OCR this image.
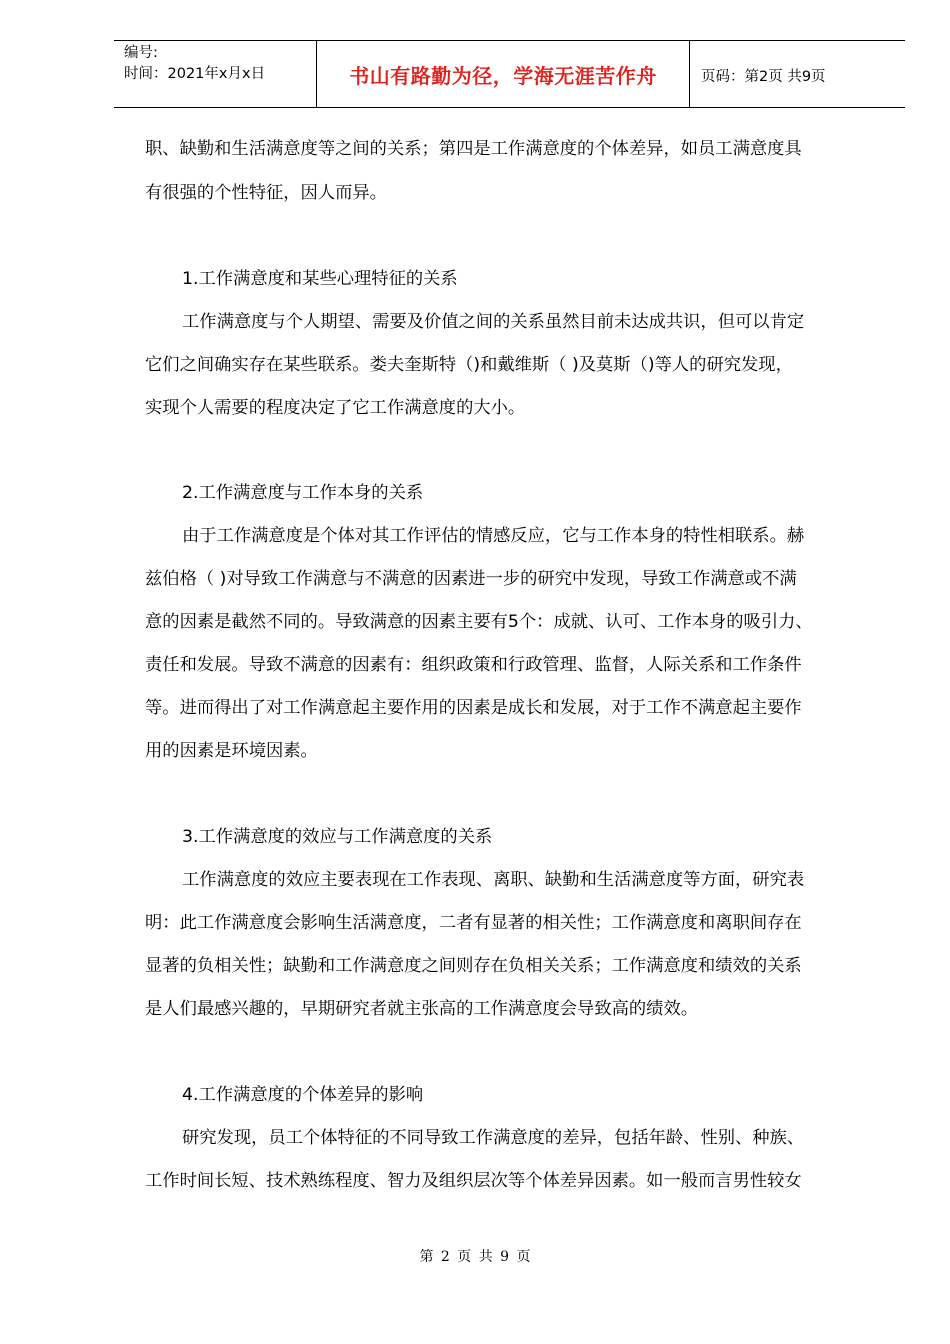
编号:
时间：2021年x月x日	书山有路勤为径，学海无涯苦作舟	页码：第2页 共9页
职、缺勤和生活满意度等之间的关系；第四是工作满意度的个体差异，如员工满意度具
有很强的个性特征，因人而异。
1.工作满意度和某些心理特征的关系
工作满意度与个人期望、需要及价值之间的关系虽然目前未达成共识，但可以肯定
它们之间确实存在某些联系。娄夫奎斯特（)和戴维斯（ )及莫斯（)等人的研究发现，
实现个人需要的程度决定了它工作满意度的大小。
2.工作满意度与工作本身的关系
由于工作满意度是个体对其工作评估的情感反应，它与工作本身的特性相联系。赫
兹伯格（ )对导致工作满意与不满意的因素进一步的研究中发现，导致工作满意或不满
意的因素是截然不同的。导致满意的因素主要有5个：成就、认可、工作本身的吸引力、
责任和发展。导致不满意的因素有：组织政策和行政管理、监督，人际关系和工作条件
等。进而得出了对工作满意起主要作用的因素是成长和发展，对于工作不满意起主要作
用的因素是环境因素。
3.工作满意度的效应与工作满意度的关系
工作满意度的效应主要表现在工作表现、离职、缺勤和生活满意度等方面，研究表
明：此工作满意度会影响生活满意度，二者有显著的相关性；工作满意度和离职间存在
显著的负相关性；缺勤和工作满意度之间则存在负相关关系；工作满意度和绩效的关系
是人们最感兴趣的，早期研究者就主张高的工作满意度会导致高的绩效。
4.工作满意度的个体差异的影响
研究发现，员工个体特征的不同导致工作满意度的差异，包括年龄、性别、种族、
工作时间长短、技术熟练程度、智力及组织层次等个体差异因素。如一般而言男性较女
第 2 页 共 9 页
